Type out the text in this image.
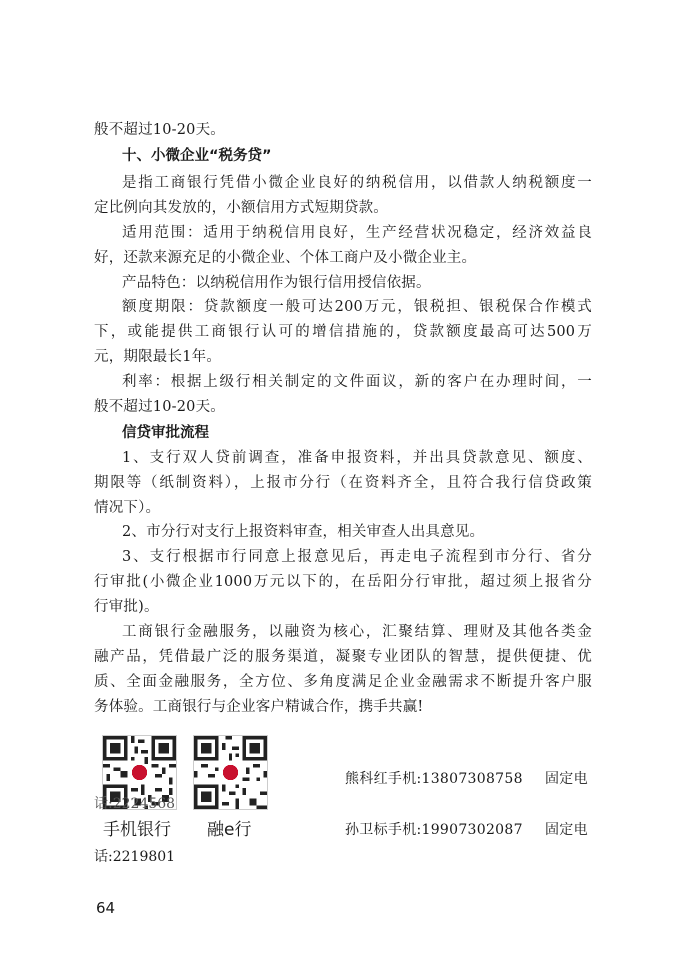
般不超过10-20天。
十、小微企业“税务贷”
是指工商银行凭借小微企业良好的纳税信用，以借款人纳税额度一
定比例向其发放的，小额信用方式短期贷款。
适用范围：适用于纳税信用良好，生产经营状况稳定，经济效益良
好，还款来源充足的小微企业、个体工商户及小微企业主。
产品特色：以纳税信用作为银行信用授信依据。
额度期限：贷款额度一般可达200万元，银税担、银税保合作模式
下，或能提供工商银行认可的增信措施的，贷款额度最高可达500万
元，期限最长1年。
利率：根据上级行相关制定的文件面议，新的客户在办理时间，一
般不超过10-20天。
信贷审批流程
1、支行双人贷前调查，准备申报资料，并出具贷款意见、额度、
期限等（纸制资料），上报市分行（在资料齐全，且符合我行信贷政策
情况下）。
2、市分行对支行上报资料审查，相关审查人出具意见。
3、支行根据市行同意上报意见后，再走电子流程到市分行、省分
行审批(小微企业1000万元以下的，在岳阳分行审批，超过须上报省分
行审批)。
工商银行金融服务，以融资为核心，汇聚结算、理财及其他各类金
融产品，凭借最广泛的服务渠道，凝聚专业团队的智慧，提供便捷、优
质、全面金融服务，全方位、多角度满足企业金融需求不断提升客户服
务体验。工商银行与企业客户精诚合作，携手共赢!
话:2224568
手机银行 融e行
熊科红手机:13807308758 固定电
孙卫标手机:19907302087 固定电
话:2219801
64
